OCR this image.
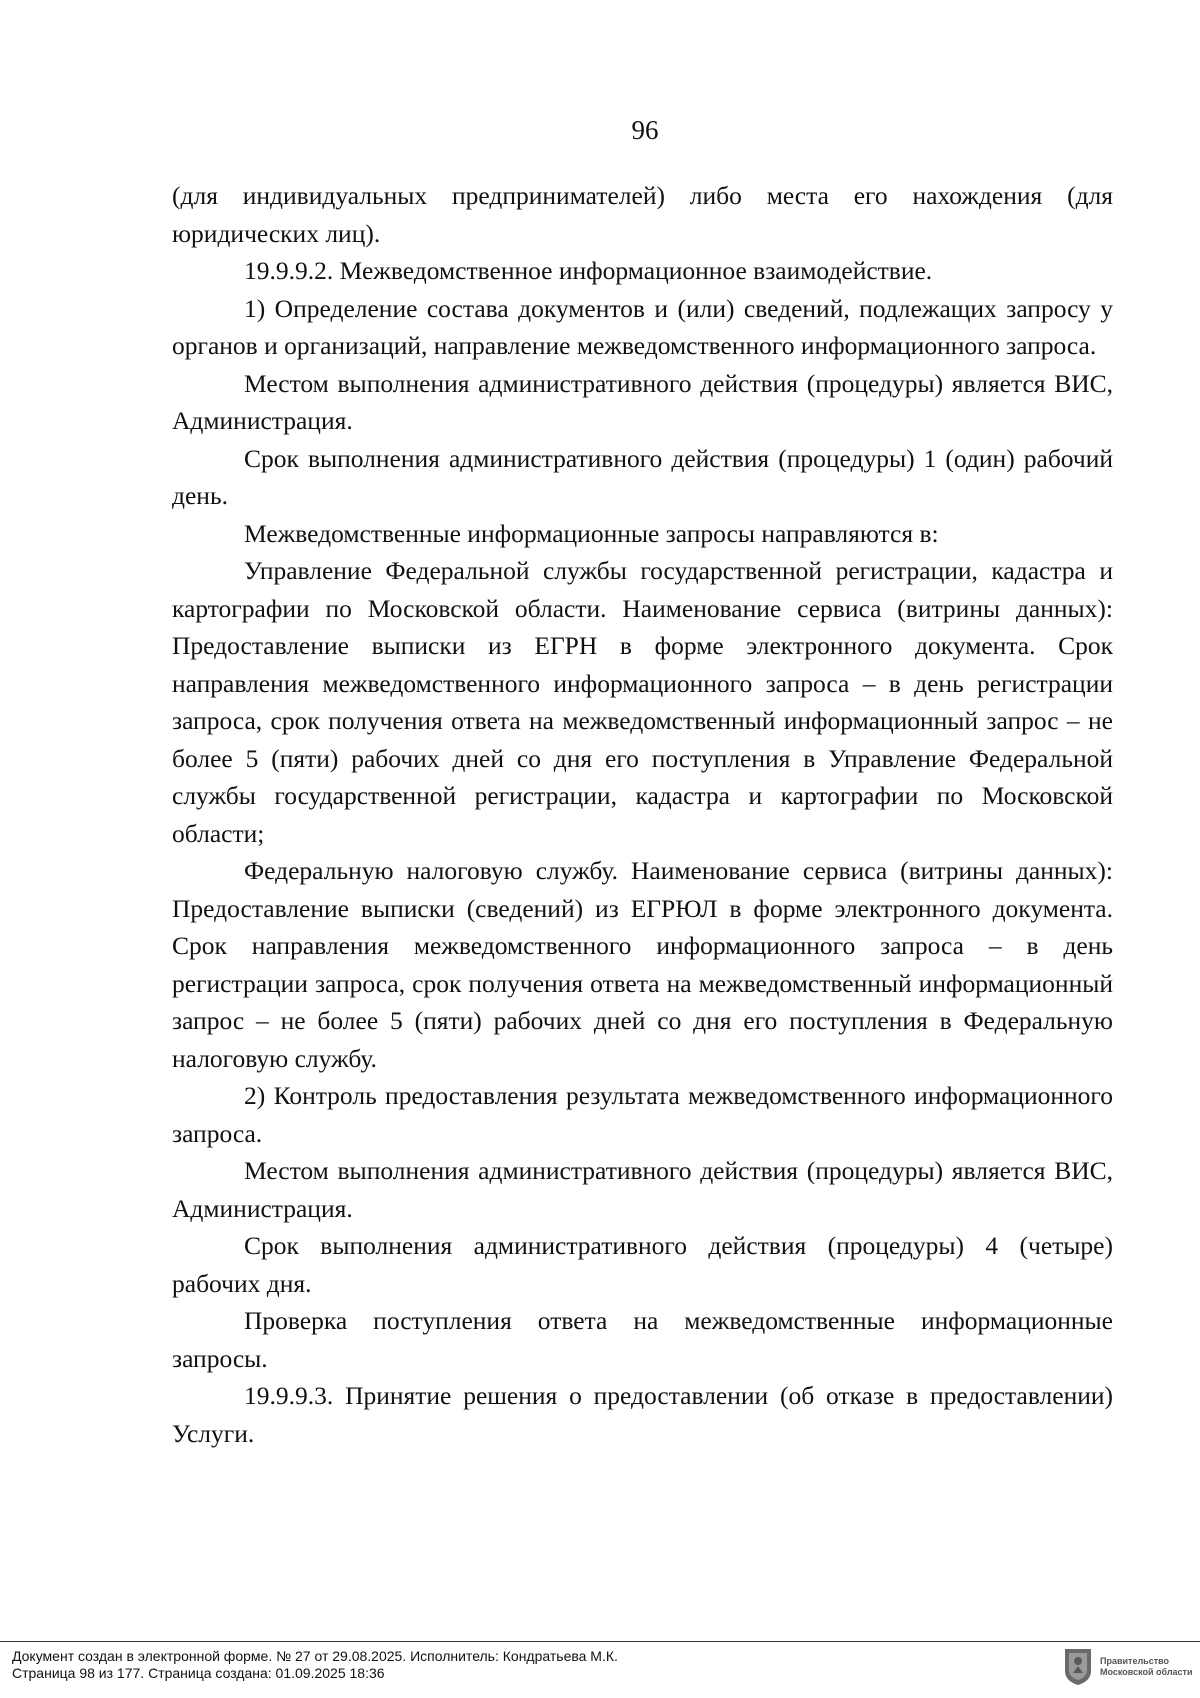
96

(для индивидуальных предпринимателей) либо места его нахождения (для юридических лиц).

19.9.9.2. Межведомственное информационное взаимодействие.

1) Определение состава документов и (или) сведений, подлежащих запросу у органов и организаций, направление межведомственного информационного запроса.

Местом выполнения административного действия (процедуры) является ВИС, Администрация.

Срок выполнения административного действия (процедуры) 1 (один) рабочий день.

Межведомственные информационные запросы направляются в:

Управление Федеральной службы государственной регистрации, кадастра и картографии по Московской области. Наименование сервиса (витрины данных): Предоставление выписки из ЕГРН в форме электронного документа. Срок направления межведомственного информационного запроса – в день регистрации запроса, срок получения ответа на межведомственный информационный запрос – не более 5 (пяти) рабочих дней со дня его поступления в Управление Федеральной службы государственной регистрации, кадастра и картографии по Московской области;

Федеральную налоговую службу. Наименование сервиса (витрины данных): Предоставление выписки (сведений) из ЕГРЮЛ в форме электронного документа. Срок направления межведомственного информационного запроса – в день регистрации запроса, срок получения ответа на межведомственный информационный запрос – не более 5 (пяти) рабочих дней со дня его поступления в Федеральную налоговую службу.

2) Контроль предоставления результата межведомственного информационного запроса.

Местом выполнения административного действия (процедуры) является ВИС, Администрация.

Срок выполнения административного действия (процедуры) 4 (четыре) рабочих дня.

Проверка поступления ответа на межведомственные информационные запросы.

19.9.9.3. Принятие решения о предоставлении (об отказе в предоставлении) Услуги.

Документ создан в электронной форме. № 27 от 29.08.2025. Исполнитель: Кондратьева М.К.
Страница 98 из 177. Страница создана: 01.09.2025 18:36
Правительство
Московской области
